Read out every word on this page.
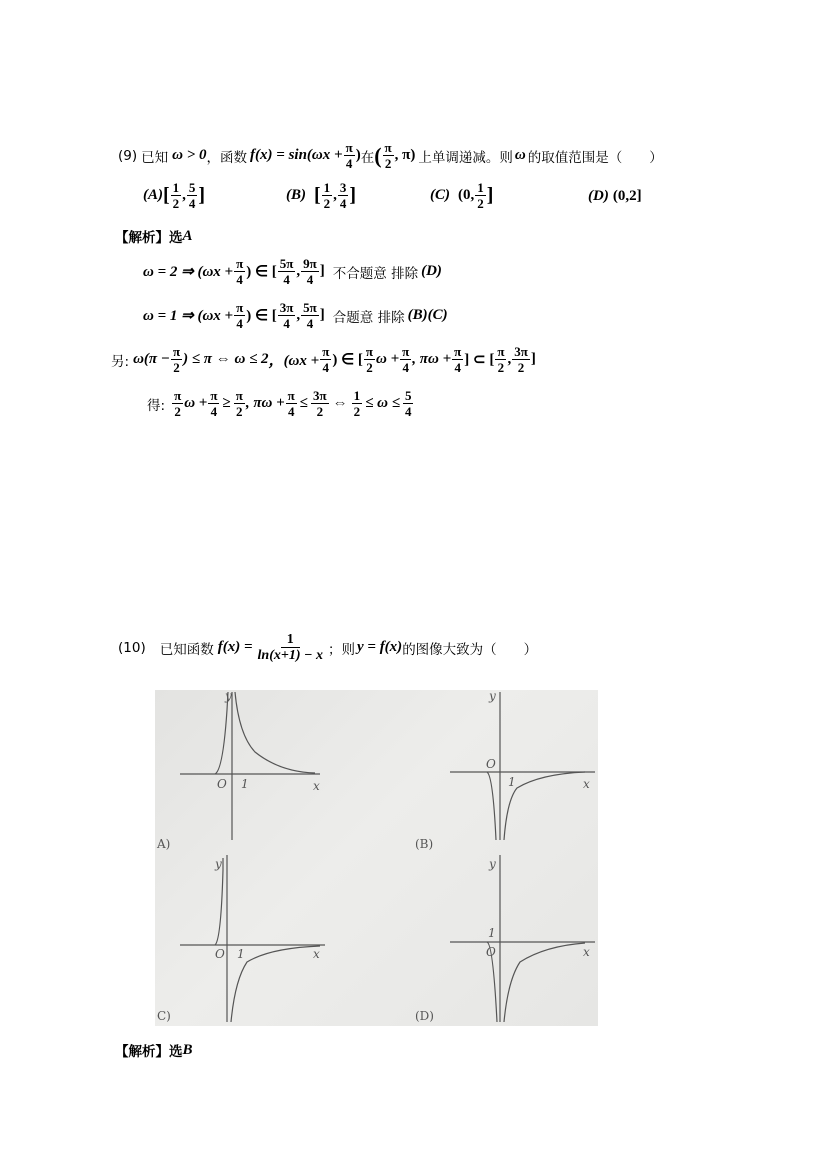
(9) 已知 ω > 0 ，函数 $f(x) = \sin(\omega x + \frac{\pi}{4}$ ) 在 ( $\frac{\pi}{2}$ , π) 上单调递减。则 ω 的取值范围是（　　）
(A) [ $\frac{1}{2}$ , $\frac{5}{4}$ ]	(B) [ $\frac{1}{2}$ , $\frac{3}{4}$ ]	(C) (0, $\frac{1}{2}$ ]	(D) (0,2]
【解析】选 A
ω = 2 ⇒ ($\omega x + \frac{\pi}{4}$ ) ∈ [ $\frac{5\pi}{4}$ , $\frac{9\pi}{4}$ ] 不合题意 排除 (D)
ω = 1 ⇒ ($\omega x + \frac{\pi}{4}$ ) ∈ [ $\frac{3\pi}{4}$ , $\frac{5\pi}{4}$ ] 合题意 排除 (B)(C)
另: $\omega(\pi - \frac{\pi}{2}$ ) ≤ π ⇔ ω ≤ 2 ，($\omega x + \frac{\pi}{4}$ ) ∈ [ $\frac{\pi}{2}$ $\omega + \frac{\pi}{4}$ , $\pi\omega + \frac{\pi}{4}$ ] ⊂ [ $\frac{\pi}{2}$ , $\frac{3\pi}{2}$ ]
得: $\frac{\pi}{2}$ $\omega + \frac{\pi}{4} \ge \frac{\pi}{2}$ , $\pi\omega + \frac{\pi}{4} \le \frac{3\pi}{2}$ ⇔ $\frac{1}{2} \le \omega \le \frac{5}{4}$
(10) 已知函数 $f(x) = \frac{1}{\ln(x+1) - x}$ ；则 y = f(x) 的图像大致为（　　）
y
x
O 1
A)
y
x
O
1
(B)
y
x
O 1
C)
y
x
O
1
(D)
【解析】选 B
